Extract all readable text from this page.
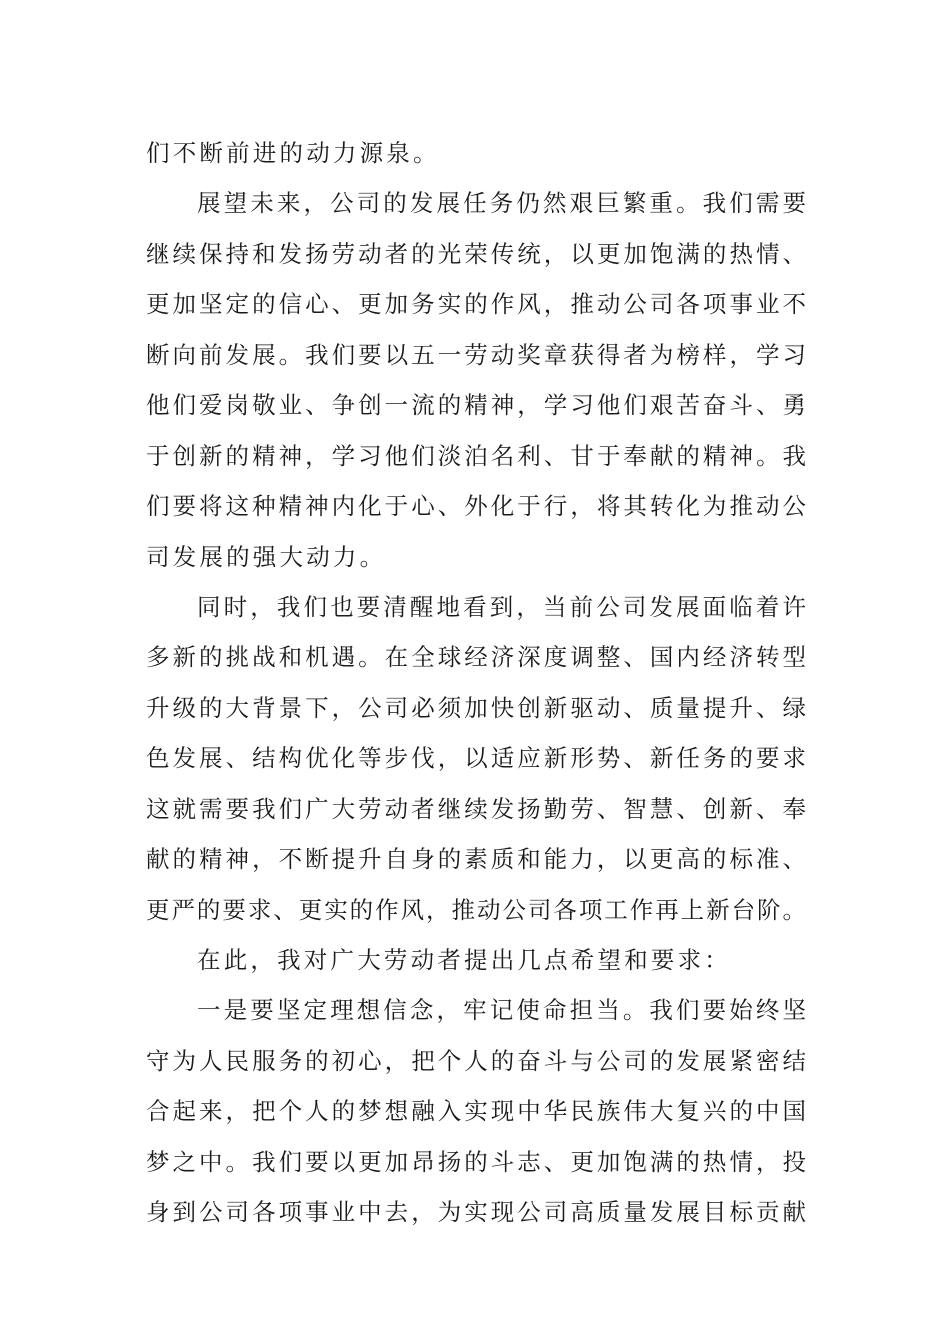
们不断前进的动力源泉。
展望未来，公司的发展任务仍然艰巨繁重。我们需要
继续保持和发扬劳动者的光荣传统，以更加饱满的热情、
更加坚定的信心、更加务实的作风，推动公司各项事业不
断向前发展。我们要以五一劳动奖章获得者为榜样，学习
他们爱岗敬业、争创一流的精神，学习他们艰苦奋斗、勇
于创新的精神，学习他们淡泊名利、甘于奉献的精神。我
们要将这种精神内化于心、外化于行，将其转化为推动公
司发展的强大动力。
同时，我们也要清醒地看到，当前公司发展面临着许
多新的挑战和机遇。在全球经济深度调整、国内经济转型
升级的大背景下，公司必须加快创新驱动、质量提升、绿
色发展、结构优化等步伐，以适应新形势、新任务的要求
这就需要我们广大劳动者继续发扬勤劳、智慧、创新、奉
献的精神，不断提升自身的素质和能力，以更高的标准、
更严的要求、更实的作风，推动公司各项工作再上新台阶。
在此，我对广大劳动者提出几点希望和要求：
一是要坚定理想信念，牢记使命担当。我们要始终坚
守为人民服务的初心，把个人的奋斗与公司的发展紧密结
合起来，把个人的梦想融入实现中华民族伟大复兴的中国
梦之中。我们要以更加昂扬的斗志、更加饱满的热情，投
身到公司各项事业中去，为实现公司高质量发展目标贡献
